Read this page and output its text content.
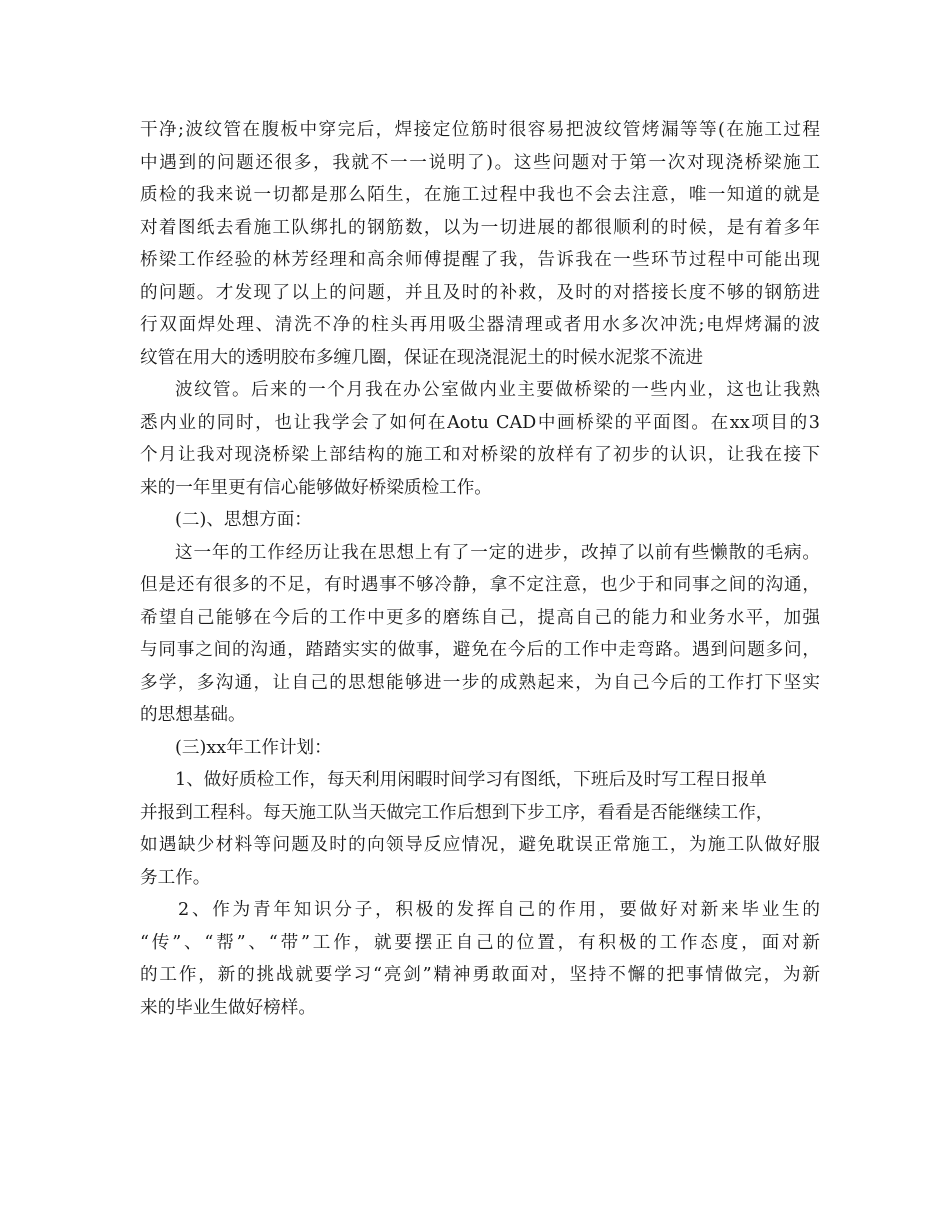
干净;波纹管在腹板中穿完后，焊接定位筋时很容易把波纹管烤漏等等(在施工过程
中遇到的问题还很多，我就不一一说明了)。这些问题对于第一次对现浇桥梁施工
质检的我来说一切都是那么陌生，在施工过程中我也不会去注意，唯一知道的就是
对着图纸去看施工队绑扎的钢筋数，以为一切进展的都很顺利的时候，是有着多年
桥梁工作经验的林芳经理和高余师傅提醒了我，告诉我在一些环节过程中可能出现
的问题。才发现了以上的问题，并且及时的补救，及时的对搭接长度不够的钢筋进
行双面焊处理、清洗不净的柱头再用吸尘器清理或者用水多次冲洗;电焊烤漏的波
纹管在用大的透明胶布多缠几圈，保证在现浇混泥土的时候水泥浆不流进
波纹管。后来的一个月我在办公室做内业主要做桥梁的一些内业，这也让我熟
悉内业的同时，也让我学会了如何在Aotu CAD中画桥梁的平面图。在xx项目的3
个月让我对现浇桥梁上部结构的施工和对桥梁的放样有了初步的认识，让我在接下
来的一年里更有信心能够做好桥梁质检工作。
(二)、思想方面：
这一年的工作经历让我在思想上有了一定的进步，改掉了以前有些懒散的毛病。
但是还有很多的不足，有时遇事不够冷静，拿不定注意，也少于和同事之间的沟通，
希望自己能够在今后的工作中更多的磨练自己，提高自己的能力和业务水平，加强
与同事之间的沟通，踏踏实实的做事，避免在今后的工作中走弯路。遇到问题多问，
多学，多沟通，让自己的思想能够进一步的成熟起来，为自己今后的工作打下坚实
的思想基础。
(三)xx年工作计划：
1、做好质检工作，每天利用闲暇时间学习有图纸，下班后及时写工程日报单
并报到工程科。每天施工队当天做完工作后想到下步工序，看看是否能继续工作，
如遇缺少材料等问题及时的向领导反应情况，避免耽误正常施工，为施工队做好服
务工作。
2、作为青年知识分子，积极的发挥自己的作用，要做好对新来毕业生的
“传”、“帮”、“带”工作，就要摆正自己的位置，有积极的工作态度，面对新
的工作，新的挑战就要学习“亮剑”精神勇敢面对，坚持不懈的把事情做完，为新
来的毕业生做好榜样。
